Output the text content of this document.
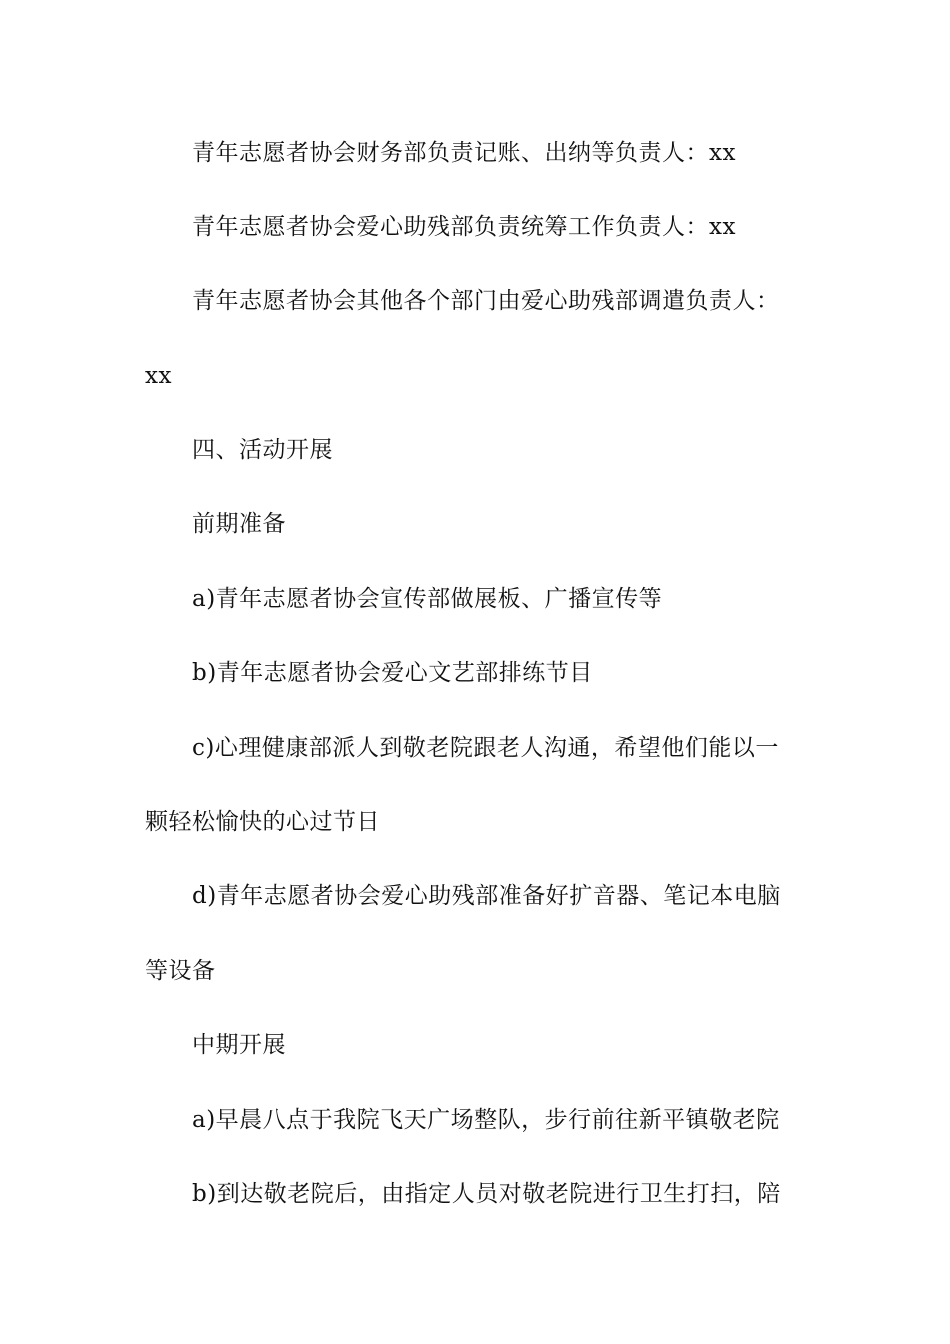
青年志愿者协会财务部负责记账、出纳等负责人：xx
青年志愿者协会爱心助残部负责统筹工作负责人：xx
青年志愿者协会其他各个部门由爱心助残部调遣负责人：
xx
四、活动开展
前期准备
a)青年志愿者协会宣传部做展板、广播宣传等
b)青年志愿者协会爱心文艺部排练节目
c)心理健康部派人到敬老院跟老人沟通，希望他们能以一
颗轻松愉快的心过节日
d)青年志愿者协会爱心助残部准备好扩音器、笔记本电脑
等设备
中期开展
a)早晨八点于我院飞天广场整队，步行前往新平镇敬老院
b)到达敬老院后，由指定人员对敬老院进行卫生打扫，陪
